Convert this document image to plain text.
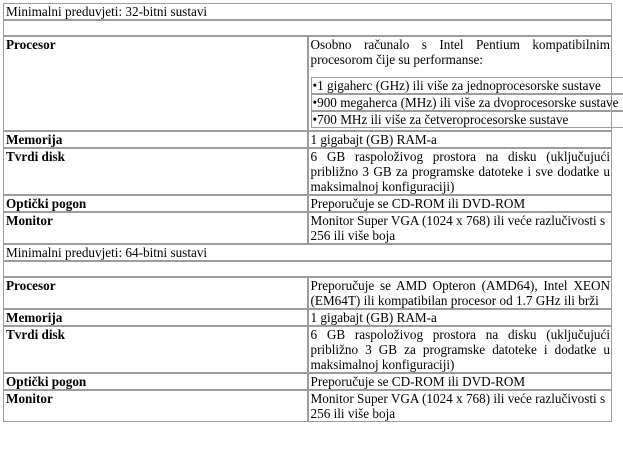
Minimalni preduvjeti: 32-bitni sustavi

Procesor	Osobno računalo s Intel Pentium kompatibilnim procesorom čije su performanse:
•1 gigaherc (GHz) ili više za jednoprocesorske sustave
•900 megaherca (MHz) ili više za dvoprocesorske sustave
•700 MHz ili više za četveroprocesorske sustave

Memorija	1 gigabajt (GB) RAM-a
Tvrdi disk	6 GB raspoloživog prostora na disku (uključujući približno 3 GB za programske datoteke i sve dodatke u maksimalnoj konfiguraciji)
Optički pogon	Preporučuje se CD-ROM ili DVD-ROM
Monitor	Monitor Super VGA (1024 x 768) ili veće razlučivosti s 256 ili više boja
Minimalni preduvjeti: 64-bitni sustavi

Procesor	Preporučuje se AMD Opteron (AMD64), Intel XEON (EM64T) ili kompatibilan procesor od 1.7 GHz ili brži
Memorija	1 gigabajt (GB) RAM-a
Tvrdi disk	6 GB raspoloživog prostora na disku (uključujući približno 3 GB za programske datoteke i dodatke u maksimalnoj konfiguraciji)
Optički pogon	Preporučuje se CD-ROM ili DVD-ROM
Monitor	Monitor Super VGA (1024 x 768) ili veće razlučivosti s 256 ili više boja
